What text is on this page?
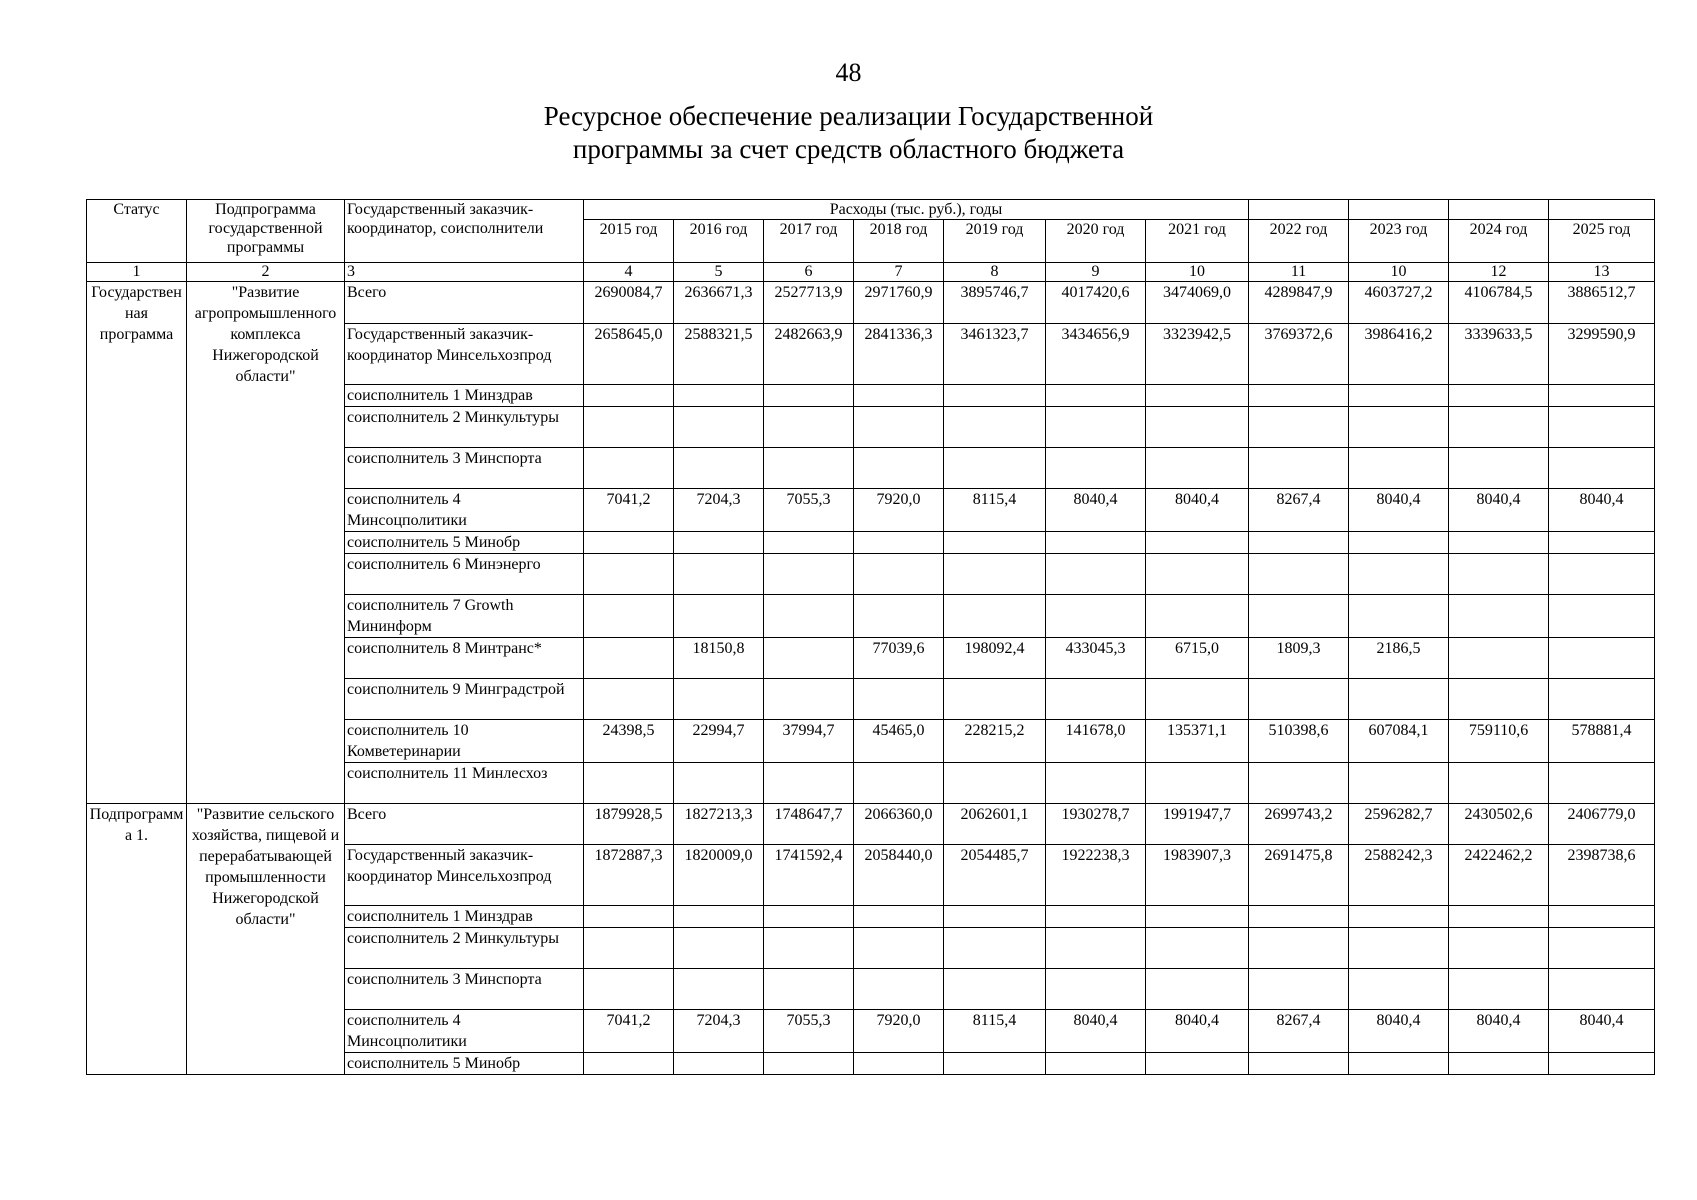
48
Ресурсное обеспечение реализации Государственной
программы за счет средств областного бюджета
Статус	Подпрограмма государственной программы	Государственный заказчик-координатор, соисполнители	Расходы (тыс. руб.), годы										
			2015 год	2016 год	2017 год	2018 год	2019 год	2020 год	2021 год	2022 год	2023 год	2024 год	2025 год
1	2	3	4	5	6	7	8	9	10	11	10	12	13
Государственная программа	"Развитие агропромышленного комплекса Нижегородской области"	Всего	2690084,7	2636671,3	2527713,9	2971760,9	3895746,7	4017420,6	3474069,0	4289847,9	4603727,2	4106784,5	3886512,7
		Государственный заказчик-координатор Минсельхозпрод	2658645,0	2588321,5	2482663,9	2841336,3	3461323,7	3434656,9	3323942,5	3769372,6	3986416,2	3339633,5	3299590,9
		соисполнитель 1 Минздрав											
		соисполнитель 2 Минкультуры											
		соисполнитель 3 Минспорта											
		соисполнитель 4 Минсоцполитики	7041,2	7204,3	7055,3	7920,0	8115,4	8040,4	8040,4	8267,4	8040,4	8040,4	8040,4
		соисполнитель 5 Минобр											
		соисполнитель 6 Минэнерго											
		соисполнитель 7 Growth Мининформ											
		соисполнитель 8 Минтранс*		18150,8		77039,6	198092,4	433045,3	6715,0	1809,3	2186,5		
		соисполнитель 9 Минградстрой											
		соисполнитель 10 Комветеринарии	24398,5	22994,7	37994,7	45465,0	228215,2	141678,0	135371,1	510398,6	607084,1	759110,6	578881,4
		соисполнитель 11 Минлесхоз											
Подпрограмма 1.	"Развитие сельского хозяйства, пищевой и перерабатывающей промышленности Нижегородской области"	Всего	1879928,5	1827213,3	1748647,7	2066360,0	2062601,1	1930278,7	1991947,7	2699743,2	2596282,7	2430502,6	2406779,0
		Государственный заказчик-координатор Минсельхозпрод	1872887,3	1820009,0	1741592,4	2058440,0	2054485,7	1922238,3	1983907,3	2691475,8	2588242,3	2422462,2	2398738,6
		соисполнитель 1 Минздрав											
		соисполнитель 2 Минкультуры											
		соисполнитель 3 Минспорта											
		соисполнитель 4 Минсоцполитики	7041,2	7204,3	7055,3	7920,0	8115,4	8040,4	8040,4	8267,4	8040,4	8040,4	8040,4
		соисполнитель 5 Минобр											
